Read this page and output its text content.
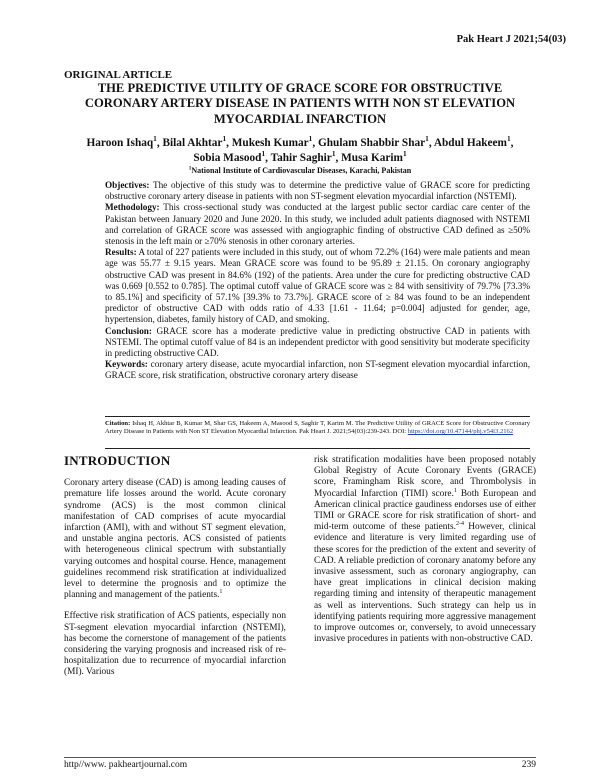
Pak Heart J 2021;54(03)
ORIGINAL ARTICLE
THE PREDICTIVE UTILITY OF GRACE SCORE FOR OBSTRUCTIVE CORONARY ARTERY DISEASE IN PATIENTS WITH NON ST ELEVATION MYOCARDIAL INFARCTION
Haroon Ishaq$^1$, Bilal Akhtar$^1$, Mukesh Kumar$^1$, Ghulam Shabbir Shar$^1$, Abdul Hakeem$^1$,
Sobia Masood$^1$, Tahir Saghir$^1$, Musa Karim$^1$
$^1$National Institute of Cardiovascular Diseases, Karachi, Pakistan

Objectives: The objective of this study was to determine the predictive value of GRACE score for predicting obstructive coronary artery disease in patients with non ST-segment elevation myocardial infarction (NSTEMI).

Methodology: This cross-sectional study was conducted at the largest public sector cardiac care center of the Pakistan between January 2020 and June 2020. In this study, we included adult patients diagnosed with NSTEMI and correlation of GRACE score was assessed with angiographic finding of obstructive CAD defined as ≥50% stenosis in the left main or ≥70% stenosis in other coronary arteries.

Results: A total of 227 patients were included in this study, out of whom 72.2% (164) were male patients and mean age was 55.77 ± 9.15 years. Mean GRACE score was found to be 95.89 ± 21.15. On coronary angiography obstructive CAD was present in 84.6% (192) of the patients. Area under the cure for predicting obstructive CAD was 0.669 [0.552 to 0.785]. The optimal cutoff value of GRACE score was ≥ 84 with sensitivity of 79.7% [73.3% to 85.1%] and specificity of 57.1% [39.3% to 73.7%]. GRACE score of ≥ 84 was found to be an independent predictor of obstructive CAD with odds ratio of 4.33 [1.61 - 11.64; p=0.004] adjusted for gender, age, hypertension, diabetes, family history of CAD, and smoking.

Conclusion: GRACE score has a moderate predictive value in predicting obstructive CAD in patients with NSTEMI. The optimal cutoff value of 84 is an independent predictor with good sensitivity but moderate specificity in predicting obstructive CAD.

Keywords: coronary artery disease, acute myocardial infarction, non ST-segment elevation myocardial infarction, GRACE score, risk stratification, obstructive coronary artery disease

Citation: Ishaq H, Akhtar B, Kumar M, Shar GS, Hakeem A, Masood S, Saghir T, Karim M. The Predictive Utility of GRACE Score for Obstructive Coronary Artery Disease in Patients with Non ST Elevation Myocardial Infarction. Pak Heart J. 2021;54(03):239-243. DOI: https://doi.org/10.47144/phj.v54i3.2162
INTRODUCTION

Coronary artery disease (CAD) is among leading causes of premature life losses around the world. Acute coronary syndrome (ACS) is the most common clinical manifestation of CAD comprises of acute myocardial infarction (AMI), with and without ST segment elevation, and unstable angina pectoris. ACS consisted of patients with heterogeneous clinical spectrum with substantially varying outcomes and hospital course. Hence, management guidelines recommend risk stratification at individualized level to determine the prognosis and to optimize the planning and management of the patients.$^1$

Effective risk stratification of ACS patients, especially non ST-segment elevation myocardial infarction (NSTEMI), has become the cornerstone of management of the patients considering the varying prognosis and increased risk of re-hospitalization due to recurrence of myocardial infarction (MI). Various

risk stratification modalities have been proposed notably Global Registry of Acute Coronary Events (GRACE) score, Framingham Risk score, and Thrombolysis in Myocardial Infarction (TIMI) score.$^1$ Both European and American clinical practice gaudiness endorses use of either TIMI or GRACE score for risk stratification of short- and mid-term outcome of these patients.$^{2-4}$ However, clinical evidence and literature is very limited regarding use of these scores for the prediction of the extent and severity of CAD. A reliable prediction of coronary anatomy before any invasive assessment, such as coronary angiography, can have great implications in clinical decision making regarding timing and intensity of therapeutic management as well as interventions. Such strategy can help us in identifying patients requiring more aggressive management to improve outcomes or, conversely, to avoid unnecessary invasive procedures in patients with non-obstructive CAD.

http//www. pakheartjournal.com	239
